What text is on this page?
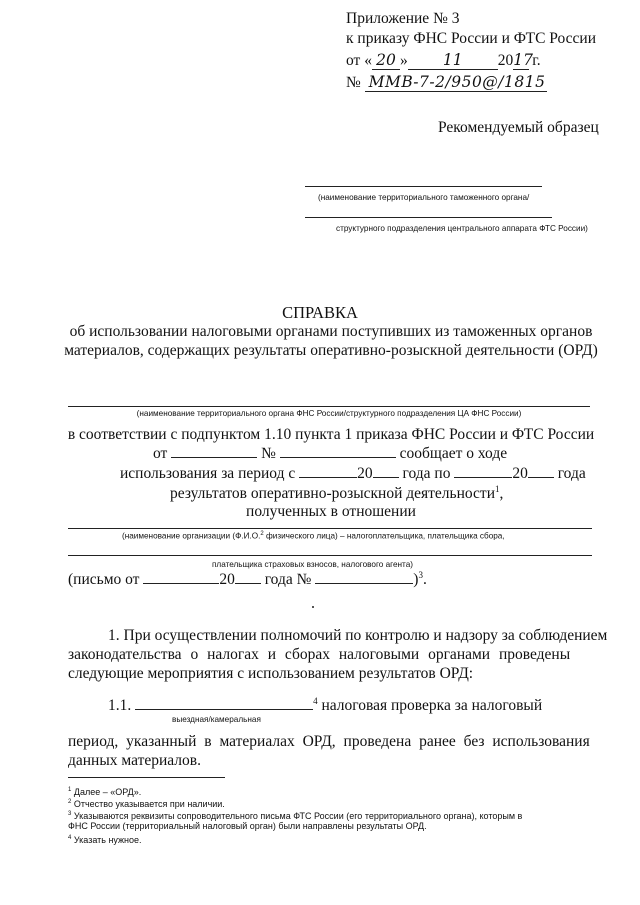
Приложение № 3
к приказу ФНС России и ФТС России
от « 20 » 11 2017г.
№ ММВ-7-2/950@/1815
Рекомендуемый образец
(наименование территориального таможенного органа/
структурного подразделения центрального аппарата ФТС России)
СПРАВКА
об использовании налоговыми органами поступивших из таможенных органов
материалов, содержащих результаты оперативно-розыскной деятельности (ОРД)
(наименование территориального органа ФНС России/структурного подразделения ЦА ФНС России)
в соответствии с подпунктом 1.10 пункта 1 приказа ФНС России и ФТС России
от	№	сообщает о ходе
использования за период с	20 года по	20 года
результатов оперативно-розыскной деятельности$^1$,
полученных в отношении
(наименование организации (Ф.И.О.$^2$ физического лица) – налогоплательщика, плательщика сбора,
плательщика страховых взносов, налогового агента)
(письмо от	20 года №	)$^3$.
1. При осуществлении полномочий по контролю и надзору за соблюдением
законодательства о налогах и сборах налоговыми органами проведены
следующие мероприятия с использованием результатов ОРД:
1.1.	$^4$ налоговая проверка за налоговый
выездная/камеральная
период, указанный в материалах ОРД, проведена ранее без использования
данных материалов.
$^1$ Далее – «ОРД».
$^2$ Отчество указывается при наличии.
$^3$ Указываются реквизиты сопроводительного письма ФТС России (его территориального органа), которым в
ФНС России (территориальный налоговый орган) были направлены результаты ОРД.
$^4$ Указать нужное.
